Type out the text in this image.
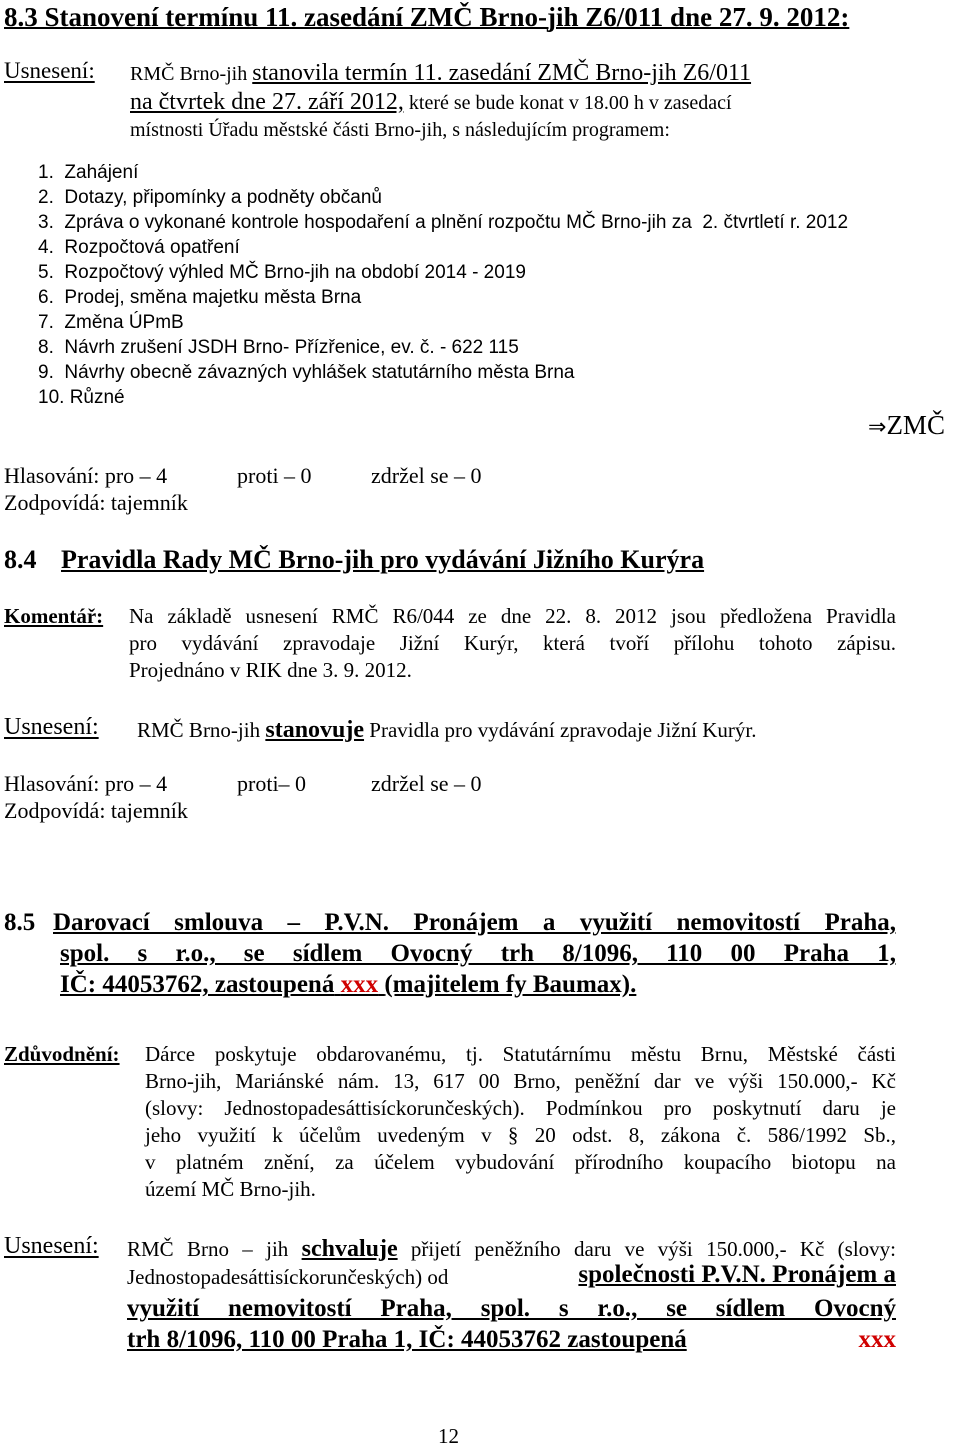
8.3 Stanovení termínu 11. zasedání ZMČ Brno-jih Z6/011 dne 27. 9. 2012:
Usnesení: RMČ Brno-jih stanovila termín 11. zasedání ZMČ Brno-jih Z6/011
na čtvrtek dne 27. září 2012, které se bude konat v 18.00 h v zasedací
místnosti Úřadu městské části Brno-jih, s následujícím programem:
1.  Zahájení
2.  Dotazy, připomínky a podněty občanů
3.  Zpráva o vykonané kontrole hospodaření a plnění rozpočtu MČ Brno-jih za  2. čtvrtletí r. 2012
4.  Rozpočtová opatření
5.  Rozpočtový výhled MČ Brno-jih na období 2014 - 2019
6.  Prodej, směna majetku města Brna
7.  Změna ÚPmB
8.  Návrh zrušení JSDH Brno- Přízřenice, ev. č. - 622 115
9.  Návrhy obecně závazných vyhlášek statutárního města Brna
10. Různé
⇒ZMČ
Hlasování: pro – 4	proti – 0	zdržel se – 0
Zodpovídá: tajemník
8.4 Pravidla Rady MČ Brno-jih pro vydávání Jižního Kurýra
Komentář: Na základě usnesení RMČ R6/044 ze dne 22. 8. 2012 jsou předložena Pravidla
pro vydávání zpravodaje Jižní Kurýr, která tvoří přílohu tohoto zápisu.
Projednáno v RIK dne 3. 9. 2012.
Usnesení: RMČ Brno-jih stanovuje Pravidla pro vydávání zpravodaje Jižní Kurýr.
Hlasování: pro – 4	proti– 0	zdržel se – 0
Zodpovídá: tajemník
8.5 Darovací smlouva – P.V.N. Pronájem a využití nemovitostí Praha,
spol. s r.o., se sídlem Ovocný trh 8/1096, 110 00 Praha 1,
IČ: 44053762, zastoupená xxx (majitelem fy Baumax).
Zdůvodnění: Dárce poskytuje obdarovanému, tj. Statutárnímu městu Brnu, Městské části
Brno-jih, Mariánské nám. 13, 617 00 Brno, peněžní dar ve výši 150.000,- Kč
(slovy: Jednostopadesáttisíckorunčeských). Podmínkou pro poskytnutí daru je
jeho využití k účelům uvedeným v § 20 odst. 8, zákona č. 586/1992 Sb.,
v platném znění, za účelem vybudování přírodního koupacího biotopu na
území MČ Brno-jih.
Usnesení: RMČ Brno – jih schvaluje přijetí peněžního daru ve výši 150.000,- Kč (slovy:
Jednostopadesáttisíckorunčeských) od	společnosti P.V.N. Pronájem a
využití nemovitostí Praha, spol. s r.o., se sídlem Ovocný
trh 8/1096, 110 00 Praha 1, IČ: 44053762 zastoupená	xxx
12
